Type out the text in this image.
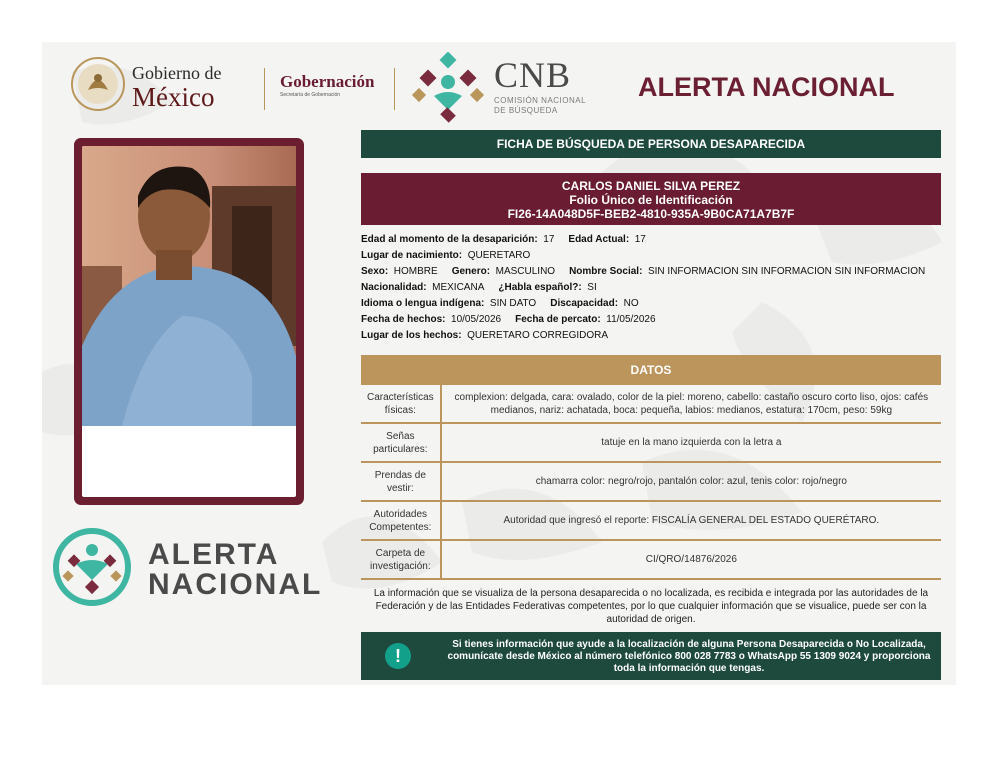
Gobierno de
México
Gobernación
Secretaría de Gobernación	CNB
COMISIÓN NACIONAL
DE BÚSQUEDA
ALERTA NACIONAL
ALERTA
NACIONAL
FICHA DE BÚSQUEDA DE PERSONA DESAPARECIDA
CARLOS DANIEL SILVA PEREZ
Folio Único de Identificación
FI26-14A048D5F-BEB2-4810-935A-9B0CA71A7B7F
Edad al momento de la desaparición: 17 Edad Actual: 17
Lugar de nacimiento: QUERETARO
Sexo: HOMBRE Genero: MASCULINO Nombre Social: SIN INFORMACION SIN INFORMACION SIN INFORMACION
Nacionalidad: MEXICANA ¿Habla español?: SI
Idioma o lengua indígena: SIN DATO Discapacidad: NO
Fecha de hechos: 10/05/2026 Fecha de percato: 11/05/2026
Lugar de los hechos: QUERETARO CORREGIDORA
DATOS
Características físicas:	complexion: delgada, cara: ovalado, color de la piel: moreno, cabello: castaño oscuro corto liso, ojos: cafés medianos, nariz: achatada, boca: pequeña, labios: medianos, estatura: 170cm, peso: 59kg
Señas particulares:	tatuje en la mano izquierda con la letra a
Prendas de vestir:	chamarra color: negro/rojo, pantalón color: azul, tenis color: rojo/negro
Autoridades Competentes:	Autoridad que ingresó el reporte: FISCALÍA GENERAL DEL ESTADO QUERÉTARO.
Carpeta de investigación:	CI/QRO/14876/2026
La información que se visualiza de la persona desaparecida o no localizada, es recibida e integrada por las autoridades de la Federación y de las Entidades Federativas competentes, por lo que cualquier información que se visualice, puede ser con la autoridad de origen.
!
Si tienes información que ayude a la localización de alguna Persona Desaparecida o No Localizada, comunícate desde México al número telefónico 800 028 7783 o WhatsApp 55 1309 9024 y proporciona toda la información que tengas.
